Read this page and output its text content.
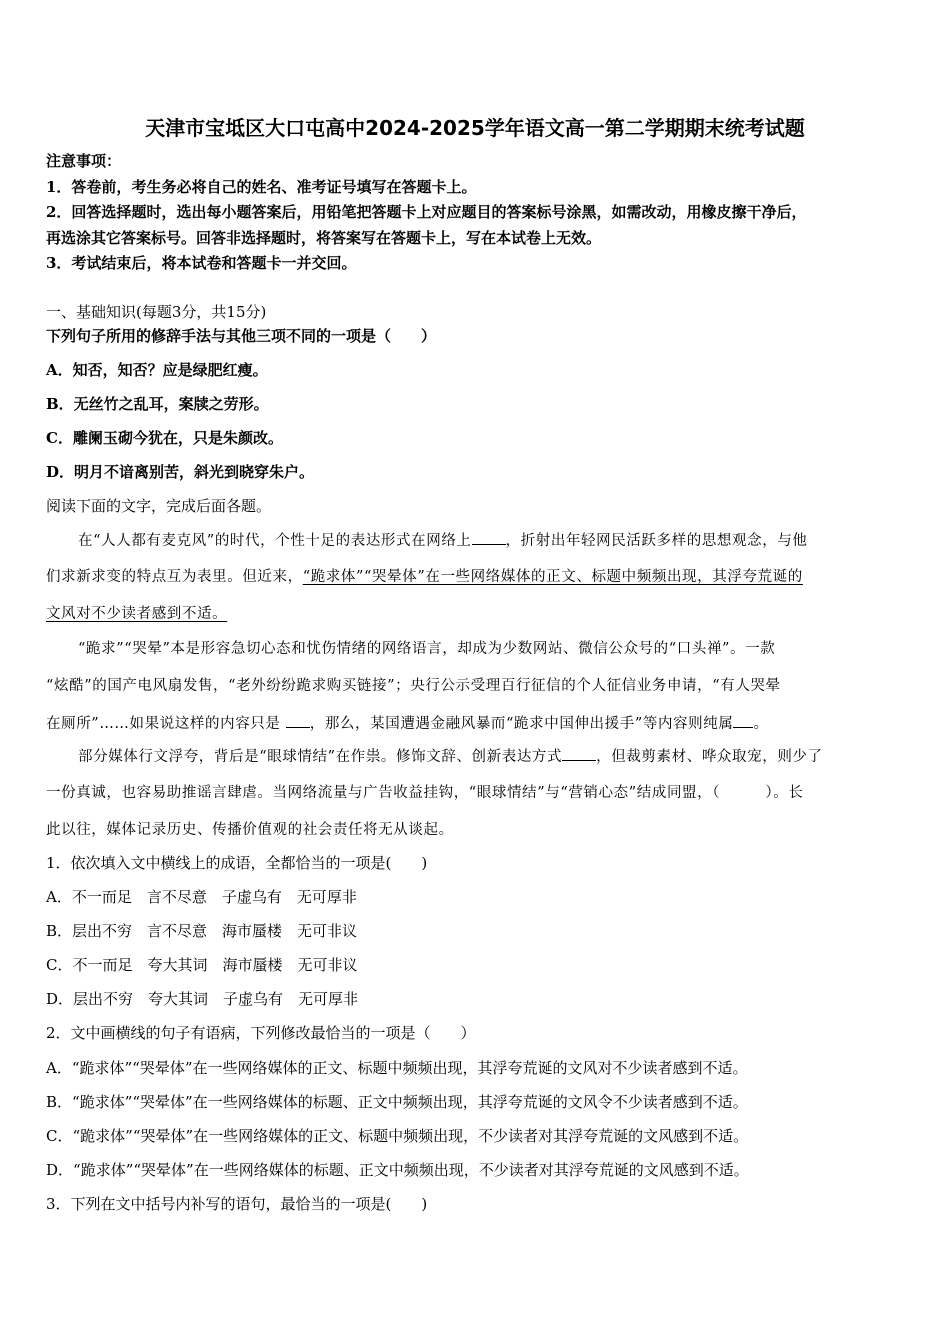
天津市宝坻区大口屯高中2024-2025学年语文高一第二学期期末统考试题
注意事项：
1．答卷前，考生务必将自己的姓名、准考证号填写在答题卡上。
2．回答选择题时，选出每小题答案后，用铅笔把答题卡上对应题目的答案标号涂黑，如需改动，用橡皮擦干净后，
再选涂其它答案标号。回答非选择题时，将答案写在答题卡上，写在本试卷上无效。
3．考试结束后，将本试卷和答题卡一并交回。
一、基础知识(每题3分，共15分)
下列句子所用的修辞手法与其他三项不同的一项是（　　）
A．知否，知否？应是绿肥红瘦。
B．无丝竹之乱耳，案牍之劳形。
C．雕阑玉砌今犹在，只是朱颜改。
D．明月不谙离别苦，斜光到晓穿朱户。
阅读下面的文字，完成后面各题。
在“人人都有麦克风”的时代，个性十足的表达形式在网络上 ，折射出年轻网民活跃多样的思想观念，与他
们求新求变的特点互为表里。但近来，“跪求体”“哭晕体”在一些网络媒体的正文、标题中频频出现，其浮夸荒诞的
文风对不少读者感到不适。
“跪求”“哭晕”本是形容急切心态和忧伤情绪的网络语言，却成为少数网站、微信公众号的“口头禅”。一款
“炫酷”的国产电风扇发售，“老外纷纷跪求购买链接”；央行公示受理百行征信的个人征信业务申请，“有人哭晕
在厕所”……如果说这样的内容只是 ，那么，某国遭遇金融风暴而“跪求中国伸出援手”等内容则纯属 。
部分媒体行文浮夸，背后是“眼球情结”在作祟。修饰文辞、创新表达方式 ，但裁剪素材、哗众取宠，则少了
一份真诚，也容易助推谣言肆虐。当网络流量与广告收益挂钩，“眼球情结”与“营销心态”结成同盟，（　　　）。长
此以往，媒体记录历史、传播价值观的社会责任将无从谈起。
1．依次填入文中横线上的成语，全都恰当的一项是(　　)
A．不一而足　言不尽意　子虚乌有　无可厚非
B．层出不穷　言不尽意　海市蜃楼　无可非议
C．不一而足　夸大其词　海市蜃楼　无可非议
D．层出不穷　夸大其词　子虚乌有　无可厚非
2．文中画横线的句子有语病，下列修改最恰当的一项是（　　）
A．“跪求体”“哭晕体”在一些网络媒体的正文、标题中频频出现，其浮夸荒诞的文风对不少读者感到不适。
B．“跪求体”“哭晕体”在一些网络媒体的标题、正文中频频出现，其浮夸荒诞的文风令不少读者感到不适。
C．“跪求体”“哭晕体”在一些网络媒体的正文、标题中频频出现，不少读者对其浮夸荒诞的文风感到不适。
D．“跪求体”“哭晕体”在一些网络媒体的标题、正文中频频出现，不少读者对其浮夸荒诞的文风感到不适。
3．下列在文中括号内补写的语句，最恰当的一项是(　　)
